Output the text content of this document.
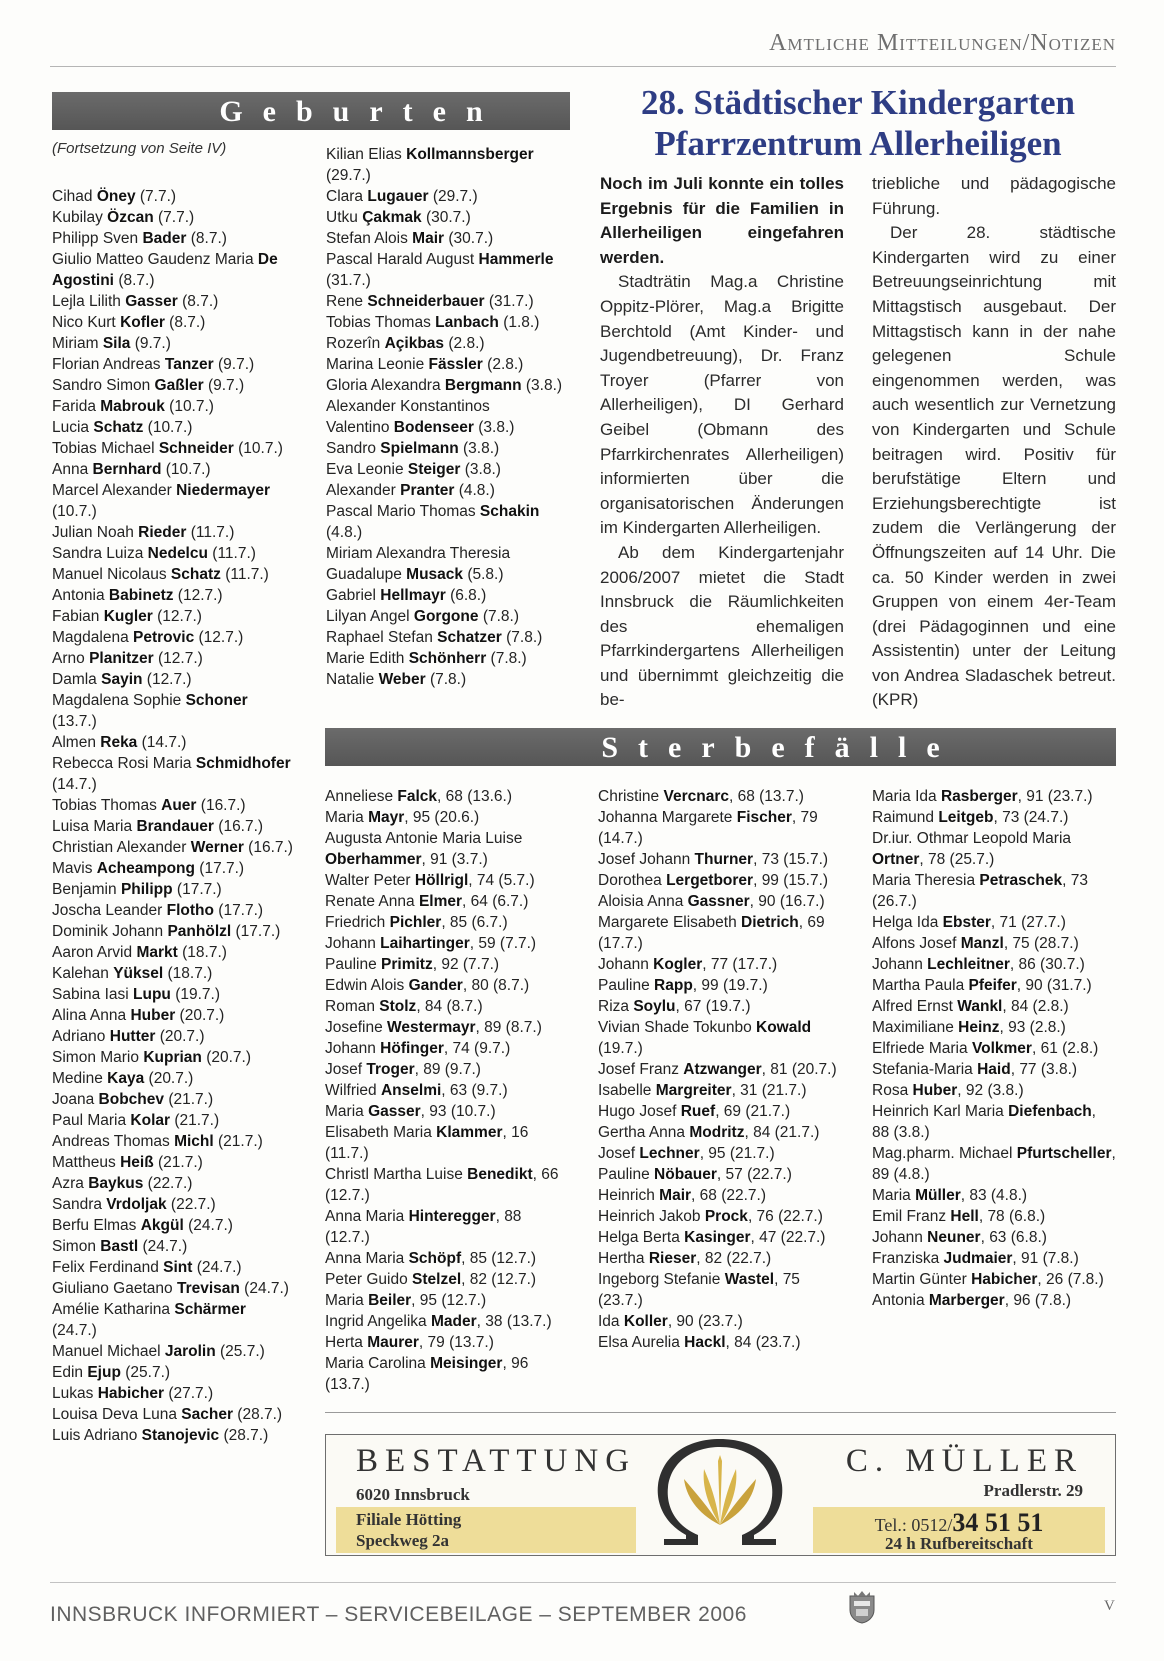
Amtliche Mitteilungen/Notizen
Geburten
(Fortsetzung von Seite IV)
Cihad Öney (7.7.)
Kubilay Özcan (7.7.)
Philipp Sven Bader (8.7.)
Giulio Matteo Gaudenz Maria De Agostini (8.7.)
Lejla Lilith Gasser (8.7.)
Nico Kurt Kofler (8.7.)
Miriam Sila (9.7.)
Florian Andreas Tanzer (9.7.)
Sandro Simon Gaßler (9.7.)
Farida Mabrouk (10.7.)
Lucia Schatz (10.7.)
Tobias Michael Schneider (10.7.)
Anna Bernhard (10.7.)
Marcel Alexander Niedermayer (10.7.)
Julian Noah Rieder (11.7.)
Sandra Luiza Nedelcu (11.7.)
Manuel Nicolaus Schatz (11.7.)
Antonia Babinetz (12.7.)
Fabian Kugler (12.7.)
Magdalena Petrovic (12.7.)
Arno Planitzer (12.7.)
Damla Sayin (12.7.)
Magdalena Sophie Schoner (13.7.)
Almen Reka (14.7.)
Rebecca Rosi Maria Schmidhofer (14.7.)
Tobias Thomas Auer (16.7.)
Luisa Maria Brandauer (16.7.)
Christian Alexander Werner (16.7.)
Mavis Acheampong (17.7.)
Benjamin Philipp (17.7.)
Joscha Leander Flotho (17.7.)
Dominik Johann Panhölzl (17.7.)
Aaron Arvid Markt (18.7.)
Kalehan Yüksel (18.7.)
Sabina Iasi Lupu (19.7.)
Alina Anna Huber (20.7.)
Adriano Hutter (20.7.)
Simon Mario Kuprian (20.7.)
Medine Kaya (20.7.)
Joana Bobchev (21.7.)
Paul Maria Kolar (21.7.)
Andreas Thomas Michl (21.7.)
Mattheus Heiß (21.7.)
Azra Baykus (22.7.)
Sandra Vrdoljak (22.7.)
Berfu Elmas Akgül (24.7.)
Simon Bastl (24.7.)
Felix Ferdinand Sint (24.7.)
Giuliano Gaetano Trevisan (24.7.)
Amélie Katharina Schärmer (24.7.)
Manuel Michael Jarolin (25.7.)
Edin Ejup (25.7.)
Lukas Habicher (27.7.)
Louisa Deva Luna Sacher (28.7.)
Luis Adriano Stanojevic (28.7.)
Kilian Elias Kollmannsberger (29.7.)
Clara Lugauer (29.7.)
Utku Çakmak (30.7.)
Stefan Alois Mair (30.7.)
Pascal Harald August Hammerle (31.7.)
Rene Schneiderbauer (31.7.)
Tobias Thomas Lanbach (1.8.)
Rozerîn Açikbas (2.8.)
Marina Leonie Fässler (2.8.)
Gloria Alexandra Bergmann (3.8.)
Alexander Konstantinos
Valentino Bodenseer (3.8.)
Sandro Spielmann (3.8.)
Eva Leonie Steiger (3.8.)
Alexander Pranter (4.8.)
Pascal Mario Thomas Schakin (4.8.)
Miriam Alexandra Theresia
Guadalupe Musack (5.8.)
Gabriel Hellmayr (6.8.)
Lilyan Angel Gorgone (7.8.)
Raphael Stefan Schatzer (7.8.)
Marie Edith Schönherr (7.8.)
Natalie Weber (7.8.)
28. Städtischer Kindergarten Pfarrzentrum Allerheiligen

Noch im Juli konnte ein tolles Ergebnis für die Familien in Allerheiligen eingefahren werden.

Stadträtin Mag.a Christine Oppitz-Plörer, Mag.a Brigitte Berchtold (Amt Kinder- und Jugendbetreuung), Dr. Franz Troyer (Pfarrer von Allerheiligen), DI Gerhard Geibel (Obmann des Pfarrkirchenrates Allerheiligen) informierten über die organisatorischen Änderungen im Kindergarten Allerheiligen.

Ab dem Kindergartenjahr 2006/2007 mietet die Stadt Innsbruck die Räumlichkeiten des ehemaligen Pfarrkindergartens Allerheiligen und übernimmt gleichzeitig die be-

triebliche und pädagogische Führung.

Der 28. städtische Kindergarten wird zu einer Betreuungseinrichtung mit Mittagstisch ausgebaut. Der Mittagstisch kann in der nahe gelegenen Schule eingenommen werden, was auch wesentlich zur Vernetzung von Kindergarten und Schule beitragen wird. Positiv für berufstätige Eltern und Erziehungsberechtigte ist zudem die Verlängerung der Öffnungszeiten auf 14 Uhr. Die ca. 50 Kinder werden in zwei Gruppen von einem 4er-Team (drei Pädagoginnen und eine Assistentin) unter der Leitung von Andrea Sladaschek betreut. (KPR)

Sterbefälle
Anneliese Falck, 68 (13.6.)
Maria Mayr, 95 (20.6.)
Augusta Antonie Maria Luise Oberhammer, 91 (3.7.)
Walter Peter Höllrigl, 74 (5.7.)
Renate Anna Elmer, 64 (6.7.)
Friedrich Pichler, 85 (6.7.)
Johann Laihartinger, 59 (7.7.)
Pauline Primitz, 92 (7.7.)
Edwin Alois Gander, 80 (8.7.)
Roman Stolz, 84 (8.7.)
Josefine Westermayr, 89 (8.7.)
Johann Höfinger, 74 (9.7.)
Josef Troger, 89 (9.7.)
Wilfried Anselmi, 63 (9.7.)
Maria Gasser, 93 (10.7.)
Elisabeth Maria Klammer, 16 (11.7.)
Christl Martha Luise Benedikt, 66 (12.7.)
Anna Maria Hinteregger, 88 (12.7.)
Anna Maria Schöpf, 85 (12.7.)
Peter Guido Stelzel, 82 (12.7.)
Maria Beiler, 95 (12.7.)
Ingrid Angelika Mader, 38 (13.7.)
Herta Maurer, 79 (13.7.)
Maria Carolina Meisinger, 96 (13.7.)
Christine Vercnarc, 68 (13.7.)
Johanna Margarete Fischer, 79 (14.7.)
Josef Johann Thurner, 73 (15.7.)
Dorothea Lergetborer, 99 (15.7.)
Aloisia Anna Gassner, 90 (16.7.)
Margarete Elisabeth Dietrich, 69 (17.7.)
Johann Kogler, 77 (17.7.)
Pauline Rapp, 99 (19.7.)
Riza Soylu, 67 (19.7.)
Vivian Shade Tokunbo Kowald (19.7.)
Josef Franz Atzwanger, 81 (20.7.)
Isabelle Margreiter, 31 (21.7.)
Hugo Josef Ruef, 69 (21.7.)
Gertha Anna Modritz, 84 (21.7.)
Josef Lechner, 95 (21.7.)
Pauline Nöbauer, 57 (22.7.)
Heinrich Mair, 68 (22.7.)
Heinrich Jakob Prock, 76 (22.7.)
Helga Berta Kasinger, 47 (22.7.)
Hertha Rieser, 82 (22.7.)
Ingeborg Stefanie Wastel, 75 (23.7.)
Ida Koller, 90 (23.7.)
Elsa Aurelia Hackl, 84 (23.7.)
Maria Ida Rasberger, 91 (23.7.)
Raimund Leitgeb, 73 (24.7.)
Dr.iur. Othmar Leopold Maria Ortner, 78 (25.7.)
Maria Theresia Petraschek, 73 (26.7.)
Helga Ida Ebster, 71 (27.7.)
Alfons Josef Manzl, 75 (28.7.)
Johann Lechleitner, 86 (30.7.)
Martha Paula Pfeifer, 90 (31.7.)
Alfred Ernst Wankl, 84 (2.8.)
Maximiliane Heinz, 93 (2.8.)
Elfriede Maria Volkmer, 61 (2.8.)
Stefania-Maria Haid, 77 (3.8.)
Rosa Huber, 92 (3.8.)
Heinrich Karl Maria Diefenbach, 88 (3.8.)
Mag.pharm. Michael Pfurtscheller, 89 (4.8.)
Maria Müller, 83 (4.8.)
Emil Franz Hell, 78 (6.8.)
Johann Neuner, 63 (6.8.)
Franziska Judmaier, 91 (7.8.)
Martin Günter Habicher, 26 (7.8.)
Antonia Marberger, 96 (7.8.)
BESTATTUNG	C. MÜLLER
6020 Innsbruck	Pradlerstr. 29
Filiale Hötting
Speckweg 2a
Tel.: 0512/34 51 51
24 h Rufbereitschaft
INNSBRUCK INFORMIERT – SERVICEBEILAGE – SEPTEMBER 2006	V
